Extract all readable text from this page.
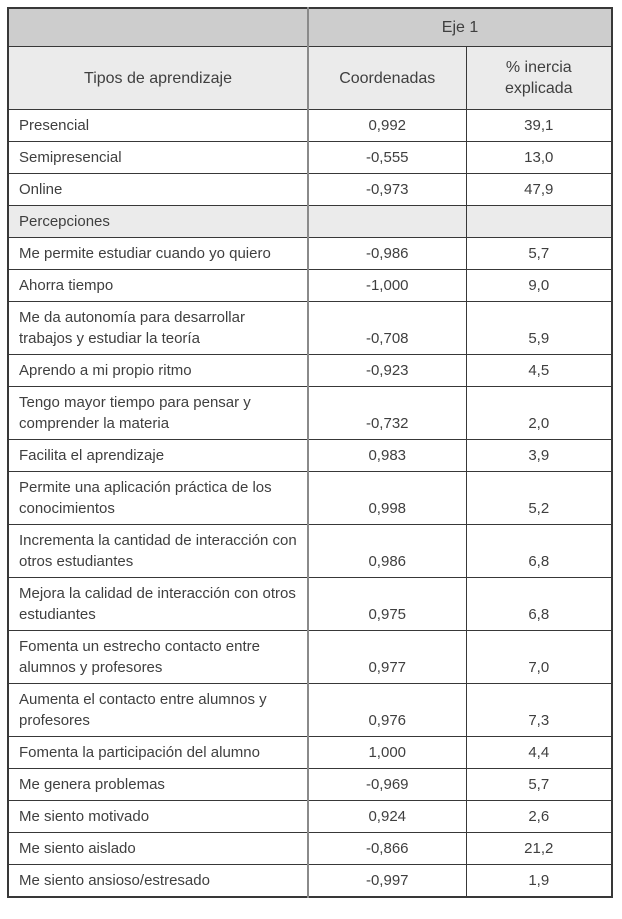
	Eje 1	
Tipos de aprendizaje	Coordenadas	% inercia explicada
Presencial	0,992	39,1
Semipresencial	-0,555	13,0
Online	-0,973	47,9
Percepciones		
Me permite estudiar cuando yo quiero	-0,986	5,7
Ahorra tiempo	-1,000	9,0
Me da autonomía para desarrollar trabajos y estudiar la teoría	-0,708	5,9
Aprendo a mi propio ritmo	-0,923	4,5
Tengo mayor tiempo para pensar y comprender la materia	-0,732	2,0
Facilita el aprendizaje	0,983	3,9
Permite una aplicación práctica de los conocimientos	0,998	5,2
Incrementa la cantidad de interacción con otros estudiantes	0,986	6,8
Mejora la calidad de interacción con otros estudiantes	0,975	6,8
Fomenta un estrecho contacto entre alumnos y profesores	0,977	7,0
Aumenta el contacto entre alumnos y profesores	0,976	7,3
Fomenta la participación del alumno	1,000	4,4
Me genera problemas	-0,969	5,7
Me siento motivado	0,924	2,6
Me siento aislado	-0,866	21,2
Me siento ansioso/estresado	-0,997	1,9
